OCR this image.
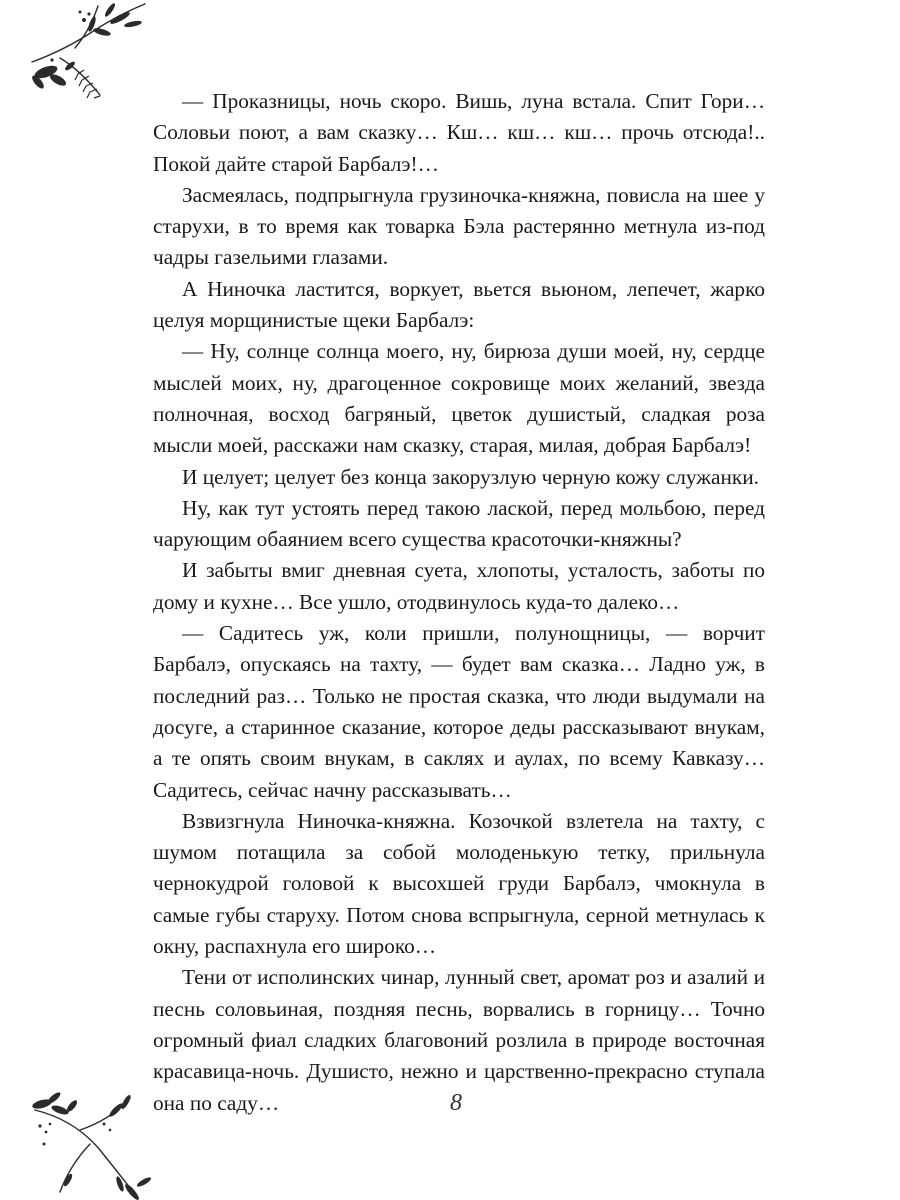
— Проказницы, ночь скоро. Вишь, луна встала. Спит Гори… Соловьи поют, а вам сказку… Кш… кш… кш… прочь отсюда!.. Покой дайте старой Барбалэ!…

Засмеялась, подпрыгнула грузиночка-княжна, повисла на шее у старухи, в то время как товарка Бэла растерянно метнула из-под чадры газельими глазами.

А Ниночка ластится, воркует, вьется вьюном, лепечет, жарко целуя морщинистые щеки Барбалэ:

— Ну, солнце солнца моего, ну, бирюза души моей, ну, сердце мыслей моих, ну, драгоценное сокровище моих желаний, звезда полночная, восход багряный, цветок душистый, сладкая роза мысли моей, расскажи нам сказку, старая, милая, добрая Барбалэ!

И целует; целует без конца закорузлую черную кожу служанки.

Ну, как тут устоять перед такою лаской, перед мольбою, перед чарующим обаянием всего существа красоточки-княжны?

И забыты вмиг дневная суета, хлопоты, усталость, заботы по дому и кухне… Все ушло, отодвинулось куда-то далеко…

— Садитесь уж, коли пришли, полунощницы, — ворчит Барбалэ, опускаясь на тахту, — будет вам сказка… Ладно уж, в последний раз… Только не простая сказка, что люди выдумали на досуге, а старинное сказание, которое деды рассказывают внукам, а те опять своим внукам, в саклях и аулах, по всему Кавказу… Садитесь, сейчас начну рассказывать…

Взвизгнула Ниночка-княжна. Козочкой взлетела на тахту, с шумом потащила за собой молоденькую тетку, прильнула чернокудрой головой к высохшей груди Барбалэ, чмокнула в самые губы старуху. Потом снова вспрыгнула, серной метнулась к окну, распахнула его широко…

Тени от исполинских чинар, лунный свет, аромат роз и азалий и песнь соловьиная, поздняя песнь, ворвались в горницу… Точно огромный фиал сладких благовоний розлила в природе восточная красавица-ночь. Душисто, нежно и царственно-прекрасно ступала она по саду…	8
